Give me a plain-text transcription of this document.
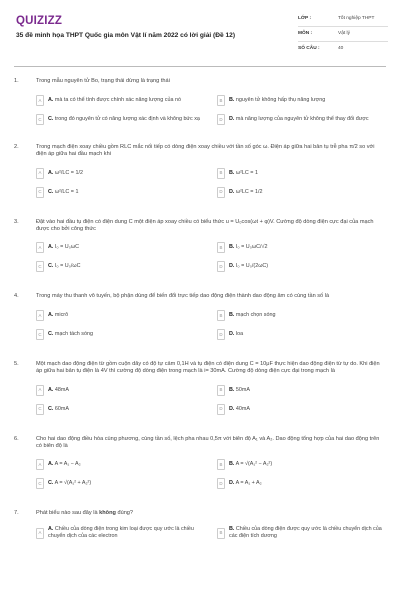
QUIZIZZ
35 đề minh họa THPT Quốc gia môn Vật lí năm 2022 có lời giải (Đề 12)
LỚP :	Tốt nghiệp THPT
MÔN :	Vật lý
SỐ CÂU :	40
1.	Trong mẫu nguyên tử Bo, trạng thái dừng là trạng thái
A	A. mà ta có thể tính được chính xác năng lượng của nó	B	B. nguyên tử không hấp thụ năng lượng
C	C. trong đó nguyên tử có năng lượng xác định và không bức xạ	D	D. mà năng lượng của nguyên tử không thể thay đổi được
2.	Trong mạch điện xoay chiều gồm RLC mắc nối tiếp có dòng điện xoay chiều với tần số góc ω. Điện áp giữa hai bản tụ trễ pha π/2 so với điện áp giữa hai đầu mạch khi
A	A. ω²/LC = 1/2	B	B. ω²LC = 1
C	C. ω²/LC = 1	D	D. ω²LC = 1/2
3.	Đặt vào hai đầu tụ điện có điện dung C một điện áp xoay chiều có biểu thức u = U₀cos(ωt + φ)V. Cường độ dòng điện cực đại của mạch được cho bởi công thức
A	A. I₀ = U₀ωC	B	B. I₀ = U₀ωC/√2
C	C. I₀ = U₀/ωC	D	D. I₀ = U₀/(2ωC)
4.	Trong máy thu thanh vô tuyến, bộ phận dùng để biến đổi trực tiếp dao động điện thành dao động âm có cùng tần số là
A	A. micrô	B	B. mạch chọn sóng
C	C. mạch tách sóng	D	D. loa
5.	Một mạch dao động điện từ gồm cuộn dây có độ tự cảm 0,1H và tụ điện có điện dung C = 10μF thực hiện dao động điện từ tự do. Khi điện áp giữa hai bản tụ điện là 4V thì cường độ dòng điện trong mạch là i= 30mA. Cường độ dòng điện cực đại trong mạch là
A	A. 48mA	B	B. 50mA
C	C. 60mA	D	D. 40mA
6.	Cho hai dao động điều hòa cùng phương, cùng tần số, lệch pha nhau 0,5π với biên độ A₁ và A₂. Dao động tổng hợp của hai dao động trên có biên độ là
A	A. A = A₁ − A₂	B	B. A = √(A₁² − A₂²)
C	C. A = √(A₁² + A₂²)	D	D. A = A₁ + A₂
7.	Phát biểu nào sau đây là không đúng?
A
A. Chiều của dòng điện trong kim loại được quy ước là chiều chuyển dịch của các electron
B
B. Chiều của dòng điện được quy ước là chiều chuyển dịch của các điện tích dương
